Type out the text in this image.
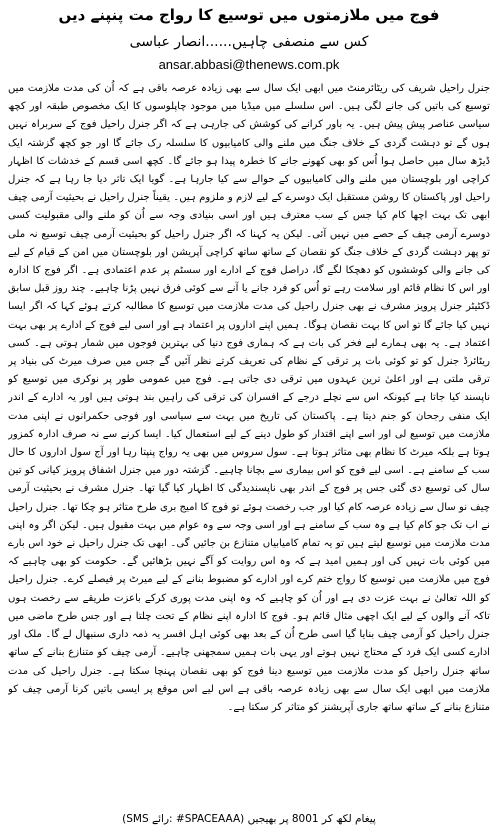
فوج میں ملازمتوں میں توسیع کا رواج مت پنپنے دیں
کس سے منصفی چاہیں......انصار عباسی
ansar.abbasi@thenews.com.pk

جنرل راحیل شریف کی ریٹائرمنٹ میں ابھی ایک سال سے بھی زیادہ عرصہ باقی ہے کہ اُن کی مدت ملازمت میں توسیع کی باتیں کی جانے لگی ہیں۔ اس سلسلے میں میڈیا میں موجود چاپلوسوں کا ایک مخصوص طبقہ اور کچھ سیاسی عناصر پیش پیش ہیں۔ یہ باور کرانے کی کوشش کی جارہی ہے کہ اگر جنرل راحیل فوج کے سربراہ نہیں ہوں گے تو دہشت گردی کے خلاف جنگ میں ملنے والی کامیابیوں کا سلسلہ رک جائے گا اور جو کچھ گزشتہ ایک ڈیڑھ سال میں حاصل ہوا اُس کو بھی کھونے جانے کا خطرہ پیدا ہو جائے گا۔ کچھ اسی قسم کے خدشات کا اظہار کراچی اور بلوچستان میں ملنے والی کامیابیوں کے حوالے سے کیا جارہا ہے۔ گویا ایک تاثر دیا جا رہا ہے کہ جنرل راحیل اور پاکستان کا روشن مستقبل ایک دوسرے کے لیے لازم و ملزوم ہیں۔ یقیناً جنرل راحیل نے بحیثیت آرمی چیف ابھی تک بہت اچھا کام کیا جس کے سب معترف ہیں اور اسی بنیادی وجہ سے اُن کو ملنے والی مقبولیت کسی دوسرے آرمی چیف کے حصے میں نہیں آئی۔ لیکن یہ کہنا کہ اگر جنرل راحیل کو بحیثیت آرمی چیف توسیع نہ ملی تو پھر دہشت گردی کے خلاف جنگ کو نقصان کے ساتھ ساتھ کراچی آپریشن اور بلوچستان میں امن کے قیام کے لیے کی جانے والی کوششوں کو دھچکا لگے گا، دراصل فوج کے ادارے اور سسٹم پر عدم اعتمادی ہے۔ اگر فوج کا ادارہ اور اس کا نظام قائم اور سلامت رہے تو اُس کو فرد جانے یا آنے سے کوئی فرق نہیں پڑنا چاہیے۔ چند روز قبل سابق ڈکٹیٹر جنرل پرویز مشرف نے بھی جنرل راحیل کی مدت ملازمت میں توسیع کا مطالبہ کرتے ہوئے کہا کہ اگر ایسا نہیں کیا جائے گا تو اس کا بہت نقصان ہوگا۔ ہمیں اپنے اداروں پر اعتماد ہے اور اسی لیے فوج کے ادارے پر بھی بہت اعتماد ہے۔ یہ بھی ہمارے لیے فخر کی بات ہے کہ ہماری فوج دنیا کی بہترین فوجوں میں شمار ہوتی ہے۔ کسی ریٹائرڈ جنرل کو تو کوئی بات پر ترقی کے نظام کی تعریف کرتے نظر آئیں گے جس میں صرف میرٹ کی بنیاد پر ترقی ملتی ہے اور اعلیٰ ترین عہدوں میں ترقی دی جاتی ہے۔ فوج میں عمومی طور پر نوکری میں توسیع کو ناپسند کیا جاتا ہے کیونکہ اس سے نچلے درجے کے افسران کی ترقی کی راہیں بند ہوتی ہیں اور یہ ادارے کے اندر ایک منفی رجحان کو جنم دیتا ہے۔ پاکستان کی تاریخ میں بہت سے سیاسی اور فوجی حکمرانوں نے اپنی مدت ملازمت میں توسیع لی اور اسے اپنے اقتدار کو طول دینے کے لیے استعمال کیا۔ ایسا کرنے سے نہ صرف ادارہ کمزور ہوتا ہے بلکہ میرٹ کا نظام بھی متاثر ہوتا ہے۔ سول سروس میں بھی یہ رواج پنپتا رہا اور آج سول اداروں کا حال سب کے سامنے ہے۔ اسی لیے فوج کو اس بیماری سے بچانا چاہیے۔ گزشتہ دور میں جنرل اشفاق پرویز کیانی کو تین سال کی توسیع دی گئی جس پر فوج کے اندر بھی ناپسندیدگی کا اظہار کیا گیا تھا۔ جنرل مشرف نے بحیثیت آرمی چیف نو سال سے زیادہ عرصہ کام کیا اور جب رخصت ہوئے تو فوج کا امیج بری طرح متاثر ہو چکا تھا۔ جنرل راحیل نے اب تک جو کام کیا ہے وہ سب کے سامنے ہے اور اسی وجہ سے وہ عوام میں بہت مقبول ہیں۔ لیکن اگر وہ اپنی مدت ملازمت میں توسیع لیتے ہیں تو یہ تمام کامیابیاں متنازع بن جائیں گی۔ ابھی تک جنرل راحیل نے خود اس بارے میں کوئی بات نہیں کی اور ہمیں امید ہے کہ وہ اس روایت کو آگے نہیں بڑھائیں گے۔ حکومت کو بھی چاہیے کہ فوج میں ملازمت میں توسیع کا رواج ختم کرے اور ادارے کو مضبوط بنانے کے لیے میرٹ پر فیصلے کرے۔ جنرل راحیل کو اللہ تعالیٰ نے بہت عزت دی ہے اور اُن کو چاہیے کہ وہ اپنی مدت پوری کرکے باعزت طریقے سے رخصت ہوں تاکہ آنے والوں کے لیے ایک اچھی مثال قائم ہو۔ فوج کا ادارہ اپنے نظام کے تحت چلتا ہے اور جس طرح ماضی میں جنرل راحیل کو آرمی چیف بنایا گیا اسی طرح اُن کے بعد بھی کوئی اہل افسر یہ ذمہ داری سنبھال لے گا۔ ملک اور ادارے کسی ایک فرد کے محتاج نہیں ہوتے اور یہی بات ہمیں سمجھنی چاہیے۔ آرمی چیف کو متنازع بنانے کے ساتھ ساتھ جنرل راحیل کو مدت ملازمت میں توسیع دینا فوج کو بھی نقصان پہنچا سکتا ہے۔ جنرل راحیل کی مدت ملازمت میں ابھی ایک سال سے بھی زیادہ عرصہ باقی ہے اس لیے اس موقع پر ایسی باتیں کرنا آرمی چیف کو متنازع بنانے کے ساتھ ساتھ جاری آپریشنز کو متاثر کر سکتا ہے۔

(SMS رائے: #SPACEAAA) پیغام لکھ کر 8001 پر بھیجیں
